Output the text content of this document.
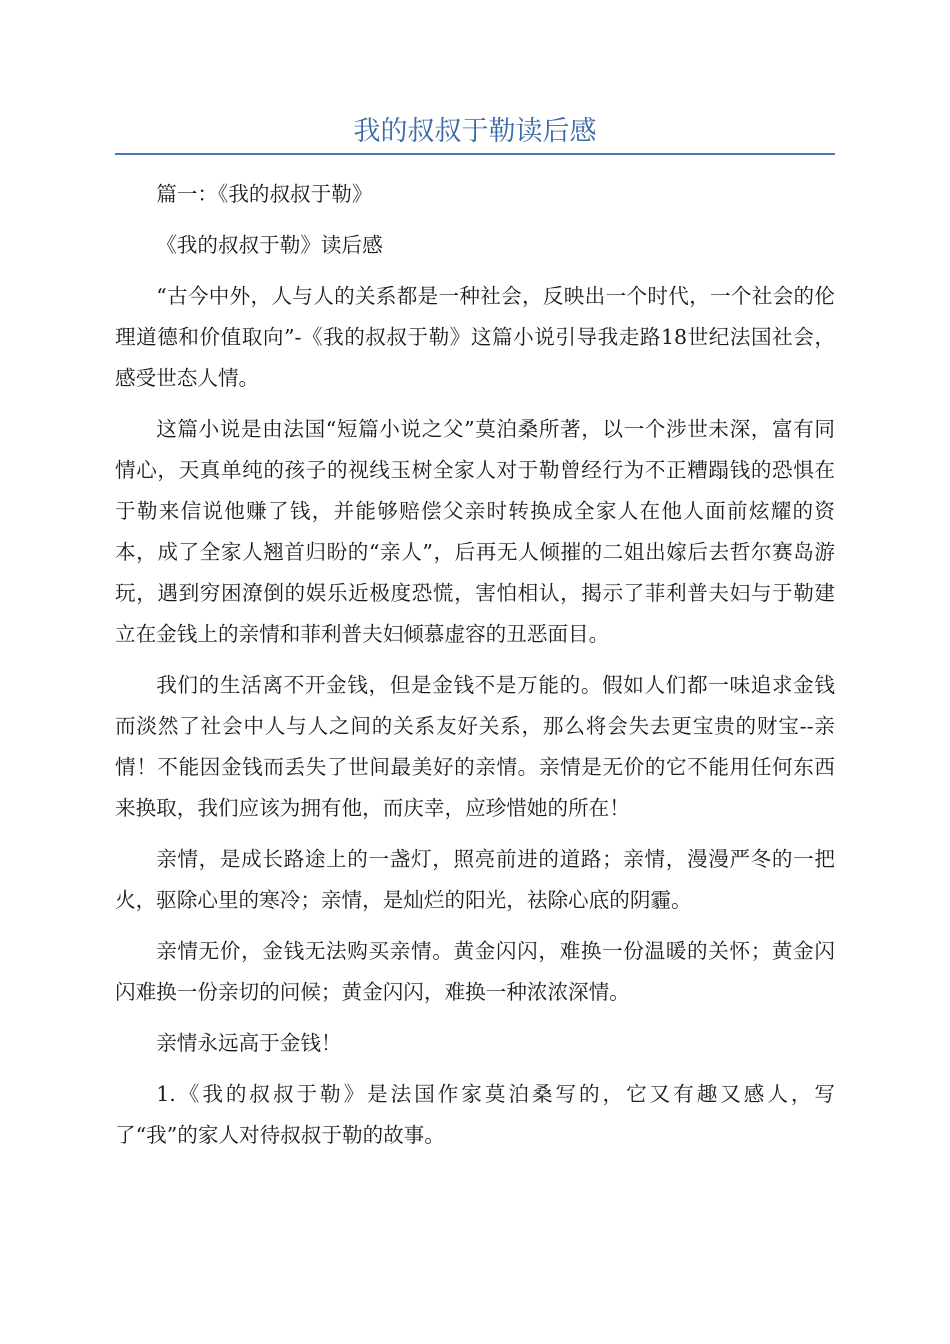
我的叔叔于勒读后感

篇一：《我的叔叔于勒》

《我的叔叔于勒》读后感

“古今中外，人与人的关系都是一种社会，反映出一个时代，一个社会的伦理道德和价值取向”-《我的叔叔于勒》这篇小说引导我走路18世纪法国社会，感受世态人情。

这篇小说是由法国“短篇小说之父”莫泊桑所著，以一个涉世未深，富有同情心，天真单纯的孩子的视线玉树全家人对于勒曾经行为不正糟蹋钱的恐惧在于勒来信说他赚了钱，并能够赔偿父亲时转换成全家人在他人面前炫耀的资本，成了全家人翘首归盼的“亲人”，后再无人倾摧的二姐出嫁后去哲尔赛岛游玩，遇到穷困潦倒的娱乐近极度恐慌，害怕相认，揭示了菲利普夫妇与于勒建立在金钱上的亲情和菲利普夫妇倾慕虚容的丑恶面目。

我们的生活离不开金钱，但是金钱不是万能的。假如人们都一味追求金钱而淡然了社会中人与人之间的关系友好关系，那么将会失去更宝贵的财宝--亲情！不能因金钱而丢失了世间最美好的亲情。亲情是无价的它不能用任何东西来换取，我们应该为拥有他，而庆幸，应珍惜她的所在！

亲情，是成长路途上的一盏灯，照亮前进的道路；亲情，漫漫严冬的一把火，驱除心里的寒冷；亲情，是灿烂的阳光，祛除心底的阴霾。

亲情无价，金钱无法购买亲情。黄金闪闪，难换一份温暖的关怀；黄金闪闪难换一份亲切的问候；黄金闪闪，难换一种浓浓深情。

亲情永远高于金钱！

1.《我的叔叔于勒》是法国作家莫泊桑写的，它又有趣又感人，写了“我”的家人对待叔叔于勒的故事。
